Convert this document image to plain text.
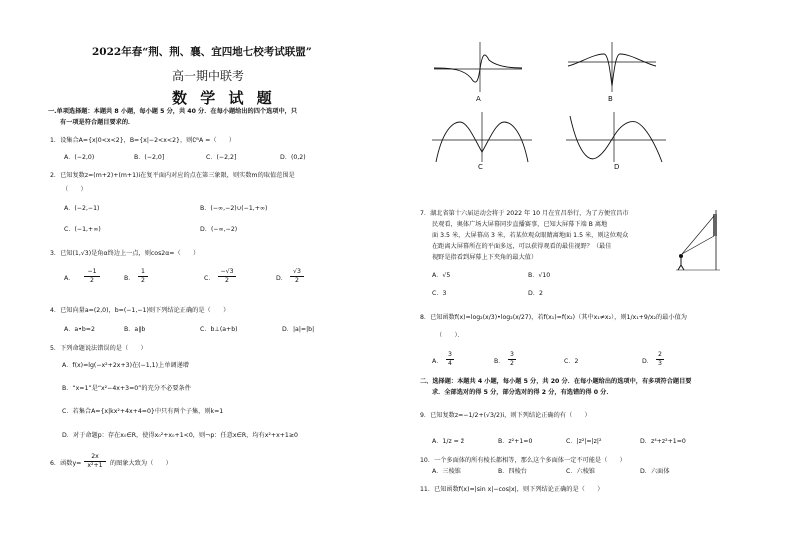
2022年春“荆、荆、襄、宜四地七校考试联盟”
高一期中联考
数 学 试 题
一.单项选择题：本题共 8 小题，每小题 5 分，共 40 分．在每小题给出的四个选项中，只
有一项是符合题目要求的．
1．设集合A={x|0<x<2}，B={x|−2<x<2}，则∁ᴮA =（　　）
A．(−2,0)	B．(−2,0]	C．(−2,2]	D．(0,2)
2．已知复数z=(m+2)+(m+1)i在复平面内对应的点在第三象限，则实数m的取值范围是
（　　）
A．(−2,−1)	B．(−∞,−2)∪(−1,+∞)
C．(−1,+∞)	D．(−∞,−2)
3．已知(1,√3)是角α终边上一点，则cos2α=（　　）
A．
−1
2	B．
1
2	C．
−√3
2	D．
√3
2
4．已知向量a=(2,0)，b=(−1,−1)则下列结论正确的是（　　）
A．a•b=2	B．a∥b	C．b⊥(a+b)	D．|a|=|b|
5．下列命题说法错误的是（　　）
A．f(x)=lg(−x²+2x+3)在(−1,1)上单调递增
B．“x=1”是“x²−4x+3=0”的充分不必要条件
C．若集合A={x|kx²+4x+4=0}中只有两个子集，则k=1
D．对于命题p：存在x₀∈R，使得x₀²+x₀+1<0，则¬p：任意x∈R，均有x²+x+1≥0
6．函数y=
2x
x²+1	的图象大致为（　　）
A	B
C	D
7．湖北省第十六届运动会将于 2022 年 10 月在宜昌举行，为了方便宜昌市
民观看，奥体广场大屏幕同步直播赛事，已知大屏幕下端 B 离地
面 3.5 米，大屏幕高 3 米，若某位观众眼睛离地面 1.5 米，则这位观众
在距离大屏幕所在的平面多远，可以获得观看的最佳视野？（最佳
视野是指看到屏幕上下夹角的最大值）
A．√5	B．√10
C．3	D．2
8．已知函数f(x)=log₂(x/3)•log₂(x/27)，若f(x₁)=f(x₂)（其中x₁≠x₂），则1/x₁+9/x₂的最小值为
（　　）．
A．
3
4	B．
3
2	C．2	D．
2
3
二、选择题：本题共 4 小题，每小题 5 分，共 20 分．在每小题给出的选项中，有多项符合题目要
求．全部选对的得 5 分，部分选对的得 2 分，有选错的得 0 分．
9．已知复数z=−1/2+(√3/2)i，则下列结论正确的有（　　）
A．1/z = z̄	B．z²+1=0	C．|z²|=|z|²	D．z⁴+z²+1=0
10．一个多面体的所有棱长都相等，那么这个多面体一定不可能是（　　）
A．三棱锥	B．四棱台	C．六棱锥	D．六面体
11．已知函数f(x)=|sin x|−cos|x|，则下列结论正确的是（　　）
